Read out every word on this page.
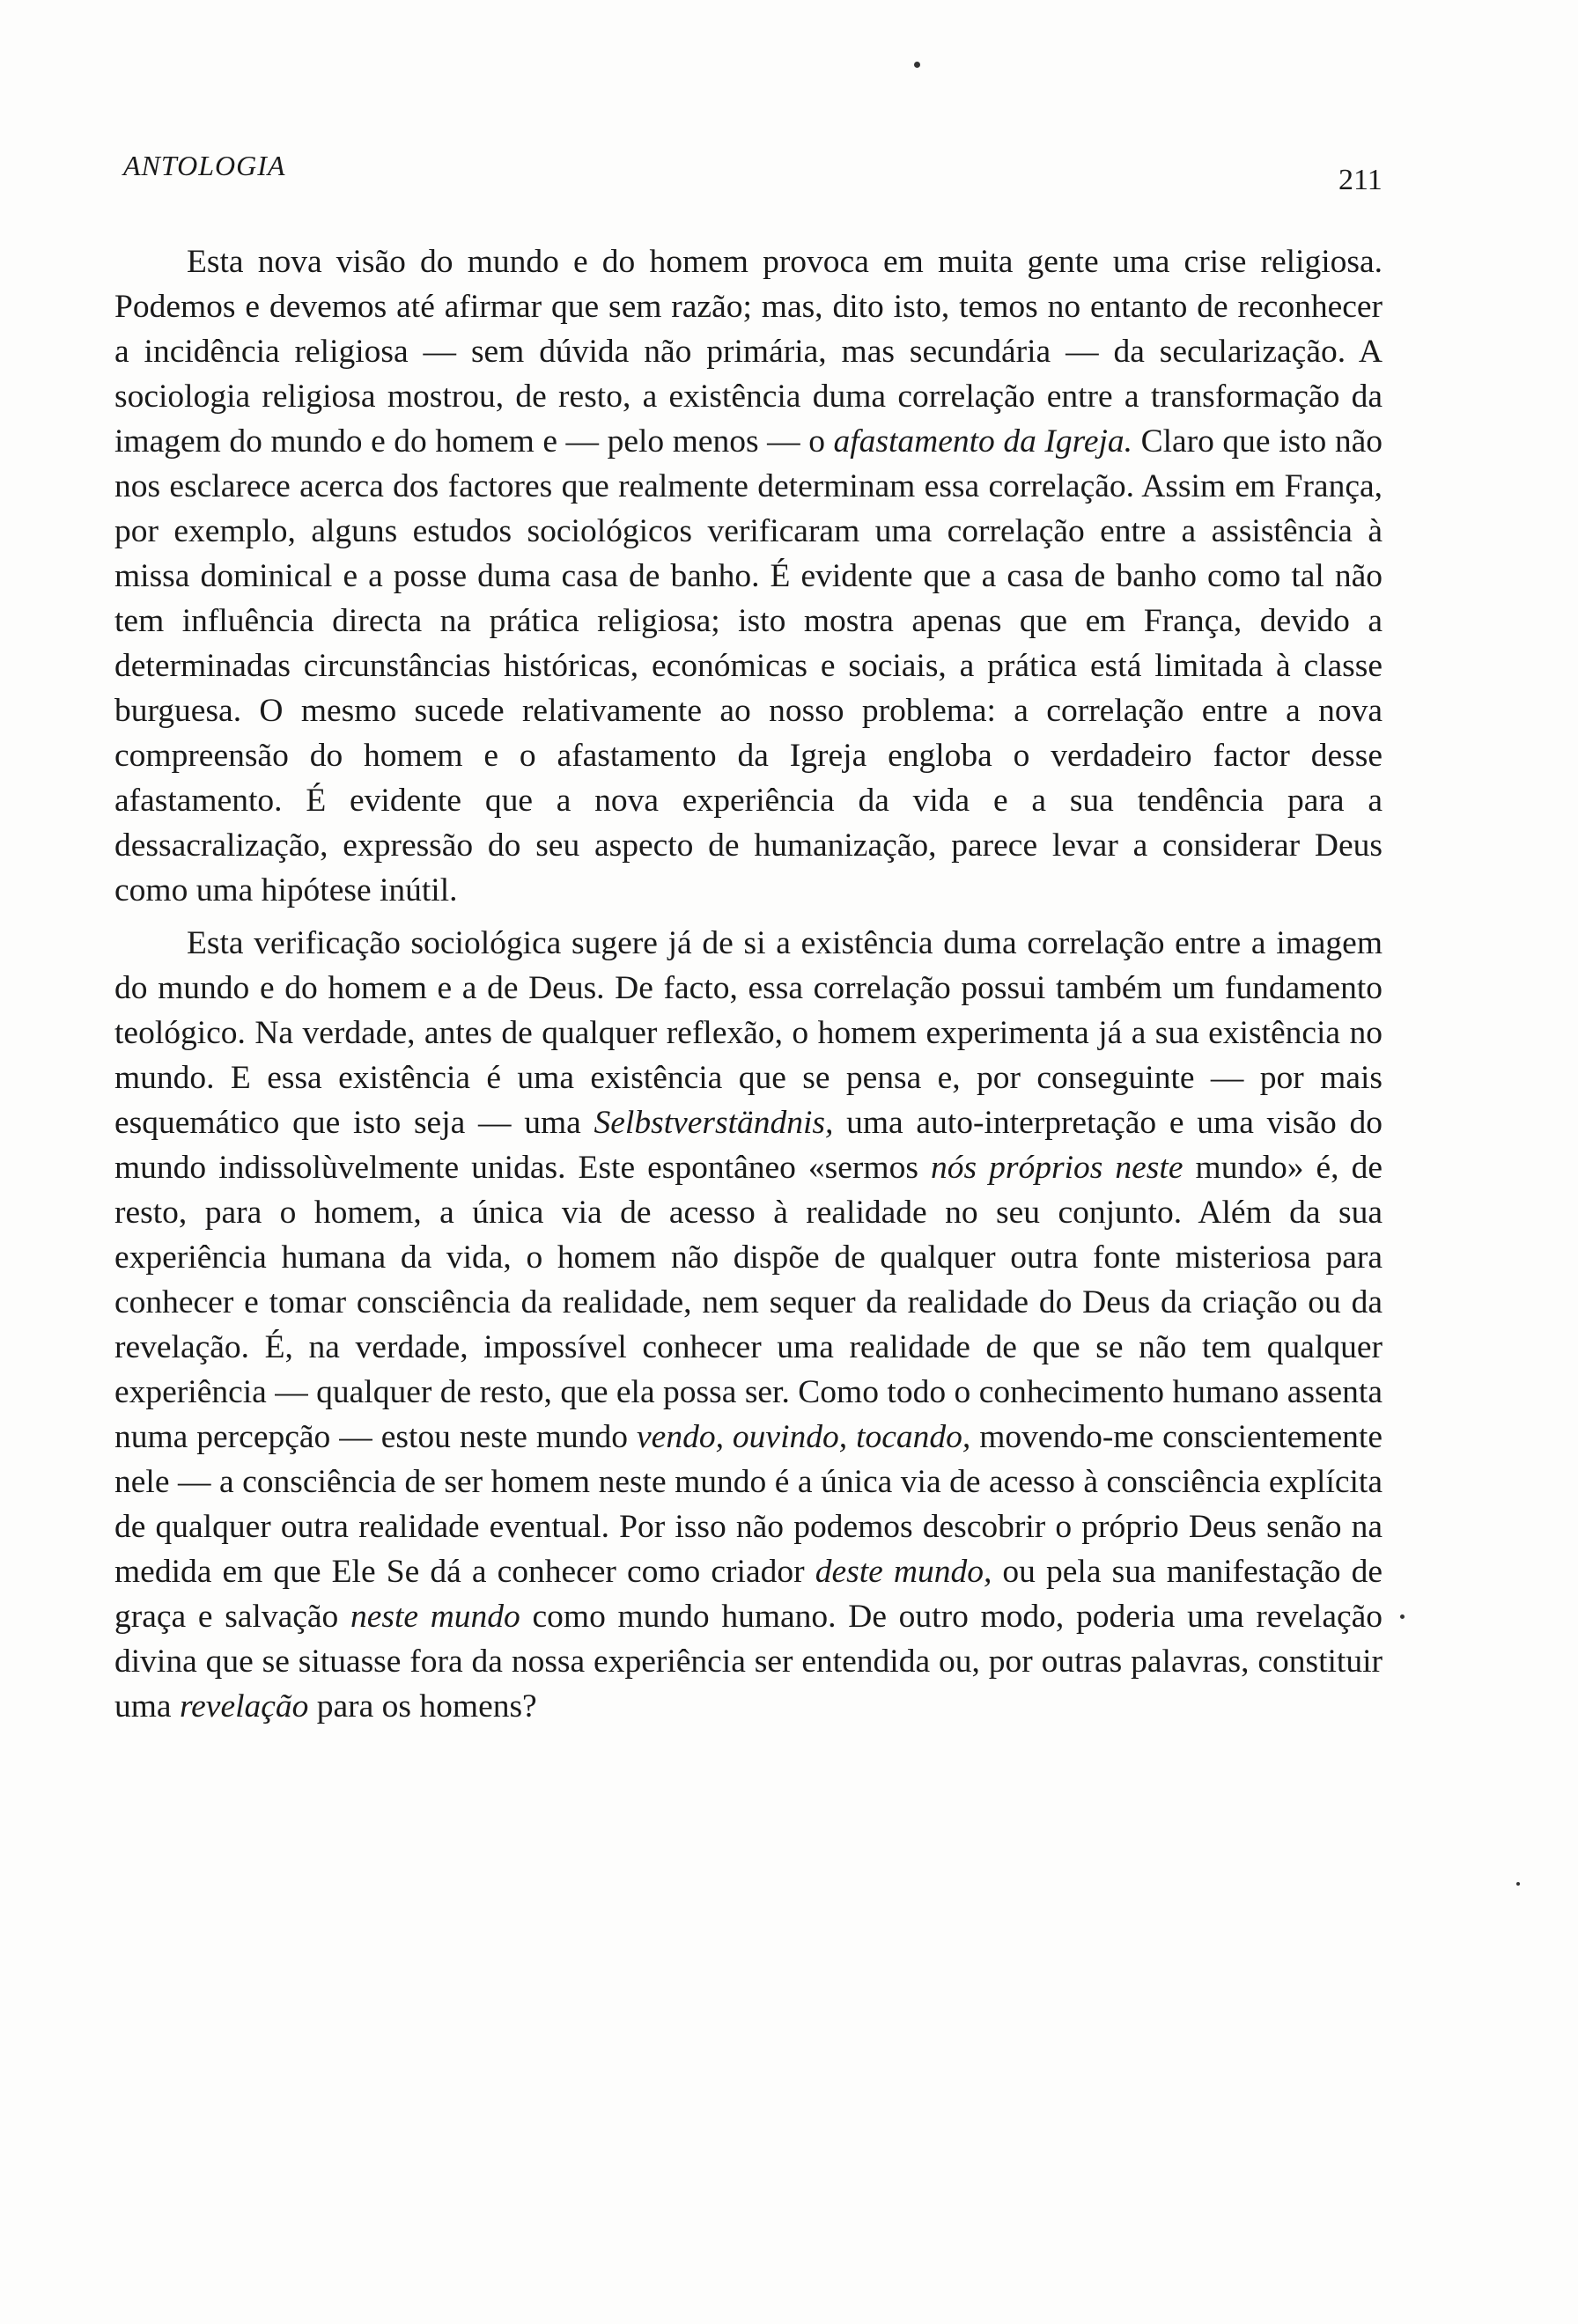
ANTOLOGIA	211

Esta nova visão do mundo e do homem provoca em muita gente uma crise religiosa. Podemos e devemos até afirmar que sem razão; mas, dito isto, temos no entanto de reconhecer a incidência religiosa — sem dúvida não primária, mas secundária — da secularização. A sociologia religiosa mostrou, de resto, a existência duma correlação entre a transformação da imagem do mundo e do homem e — pelo menos — o afastamento da Igreja. Claro que isto não nos esclarece acerca dos factores que realmente determinam essa correlação. Assim em França, por exemplo, alguns estudos sociológicos verificaram uma correlação entre a assistência à missa dominical e a posse duma casa de banho. É evidente que a casa de banho como tal não tem influência directa na prática religiosa; isto mostra apenas que em França, devido a determinadas circunstâncias históricas, económicas e sociais, a prática está limitada à classe burguesa. O mesmo sucede relativamente ao nosso problema: a correlação entre a nova compreensão do homem e o afastamento da Igreja engloba o verdadeiro factor desse afastamento. É evidente que a nova experiência da vida e a sua tendência para a dessacralização, expressão do seu aspecto de humanização, parece levar a considerar Deus como uma hipótese inútil.

Esta verificação sociológica sugere já de si a existência duma correlação entre a imagem do mundo e do homem e a de Deus. De facto, essa correlação possui também um fundamento teológico. Na verdade, antes de qualquer reflexão, o homem experimenta já a sua existência no mundo. E essa existência é uma existência que se pensa e, por conseguinte — por mais esquemático que isto seja — uma Selbstverständnis, uma auto-interpretação e uma visão do mundo indissolùvelmente unidas. Este espontâneo «sermos nós próprios neste mundo» é, de resto, para o homem, a única via de acesso à realidade no seu conjunto. Além da sua experiência humana da vida, o homem não dispõe de qualquer outra fonte misteriosa para conhecer e tomar consciência da realidade, nem sequer da realidade do Deus da criação ou da revelação. É, na verdade, impossível conhecer uma realidade de que se não tem qualquer experiência — qualquer de resto, que ela possa ser. Como todo o conhecimento humano assenta numa percepção — estou neste mundo vendo, ouvindo, tocando, movendo-me conscientemente nele — a consciência de ser homem neste mundo é a única via de acesso à consciência explícita de qualquer outra realidade eventual. Por isso não podemos descobrir o próprio Deus senão na medida em que Ele Se dá a conhecer como criador deste mundo, ou pela sua manifestação de graça e salvação neste mundo como mundo humano. De outro modo, poderia uma revelação divina que se situasse fora da nossa experiência ser entendida ou, por outras palavras, constituir uma revelação para os homens?
